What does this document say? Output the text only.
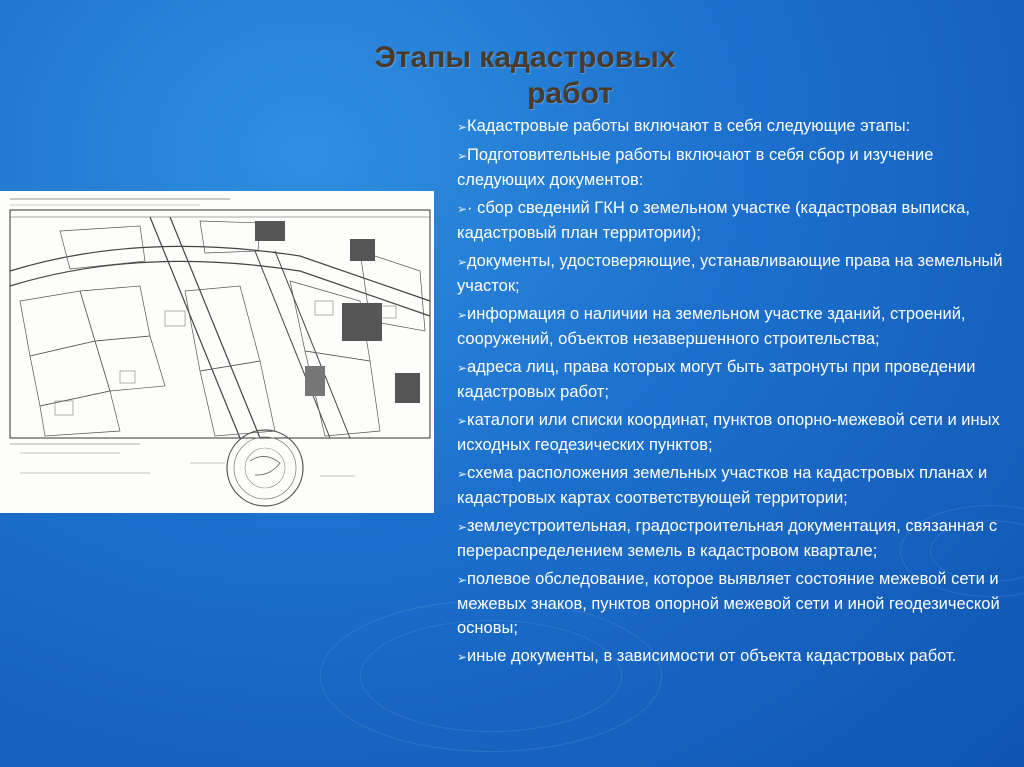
Этапы кадастровых
работ
➢Кадастровые работы включают в себя следующие этапы:
➢Подготовительные работы включают в себя сбор и изучение следующих документов:
➢· сбор сведений ГКН о земельном участке (кадастровая выписка, кадастровый план территории);
➢документы, удостоверяющие, устанавливающие права на земельный участок;
➢информация о наличии на земельном участке зданий, строений, сооружений, объектов незавершенного строительства;
➢адреса лиц, права которых могут быть затронуты при проведении кадастровых работ;
➢каталоги или списки координат, пунктов опорно-межевой сети и иных исходных геодезических пунктов;
➢схема расположения земельных участков на кадастровых планах и кадастровых картах соответствующей территории;
➢землеустроительная, градостроительная документация, связанная с перераспределением земель в кадастровом квартале;
➢полевое обследование, которое выявляет состояние межевой сети и межевых знаков, пунктов опорной межевой сети и иной геодезической основы;
➢иные документы, в зависимости от объекта кадастровых работ.
